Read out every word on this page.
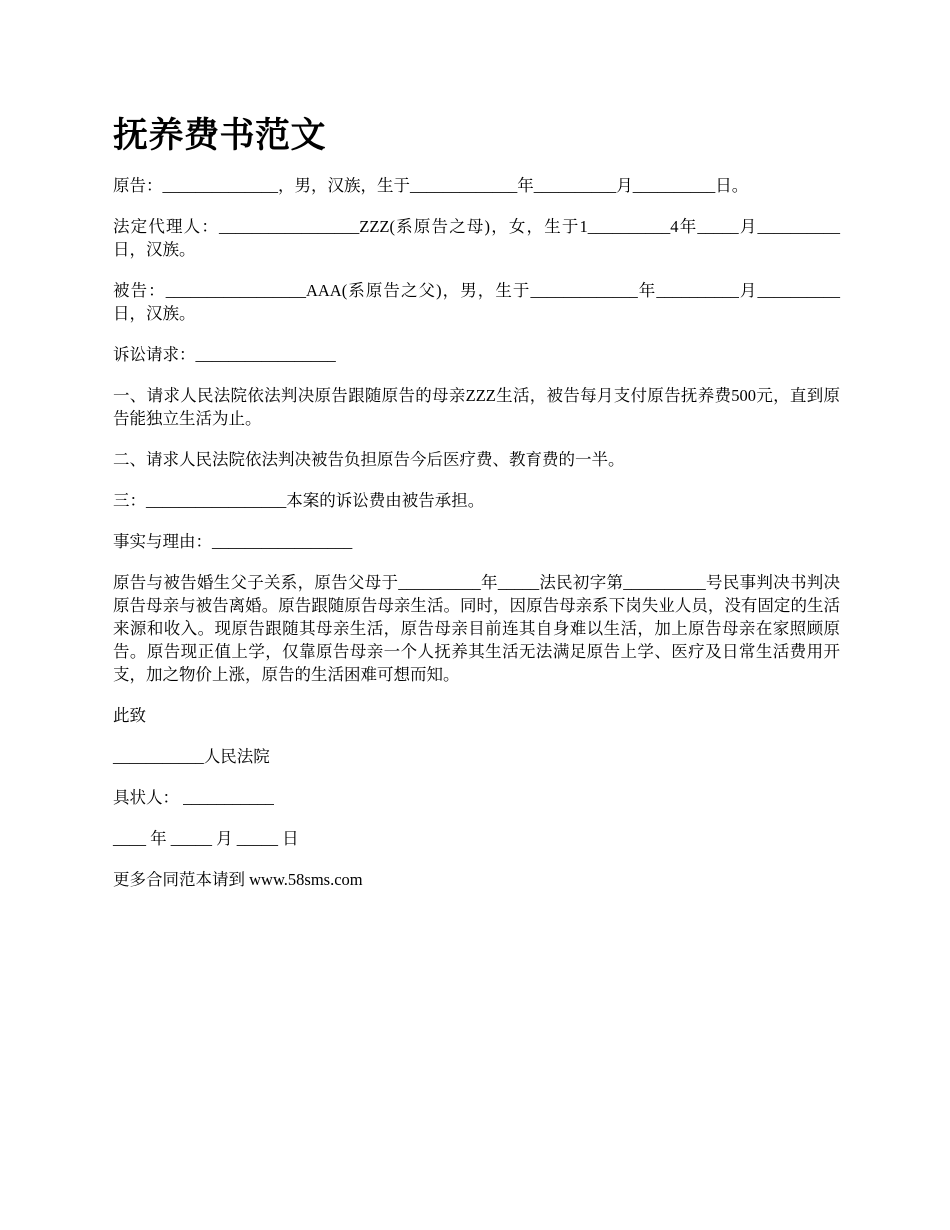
抚养费书范文

原告：______________，男，汉族，生于_____________年__________月__________日。

法定代理人：_________________ZZZ(系原告之母)，女，生于1__________4年_____月__________日，汉族。

被告：_________________AAA(系原告之父)，男，生于_____________年__________月__________日，汉族。

诉讼请求：_________________

一、请求人民法院依法判决原告跟随原告的母亲ZZZ生活，被告每月支付原告抚养费500元，直到原告能独立生活为止。

二、请求人民法院依法判决被告负担原告今后医疗费、教育费的一半。

三：_________________本案的诉讼费由被告承担。

事实与理由：_________________

原告与被告婚生父子关系，原告父母于__________年_____法民初字第__________号民事判决书判决原告母亲与被告离婚。原告跟随原告母亲生活。同时，因原告母亲系下岗失业人员，没有固定的生活来源和收入。现原告跟随其母亲生活，原告母亲目前连其自身难以生活，加上原告母亲在家照顾原告。原告现正值上学，仅靠原告母亲一个人抚养其生活无法满足原告上学、医疗及日常生活费用开支，加之物价上涨，原告的生活困难可想而知。

此致

___________人民法院

具状人： ___________

____ 年 _____ 月 _____ 日

更多合同范本请到 www.58sms.com
